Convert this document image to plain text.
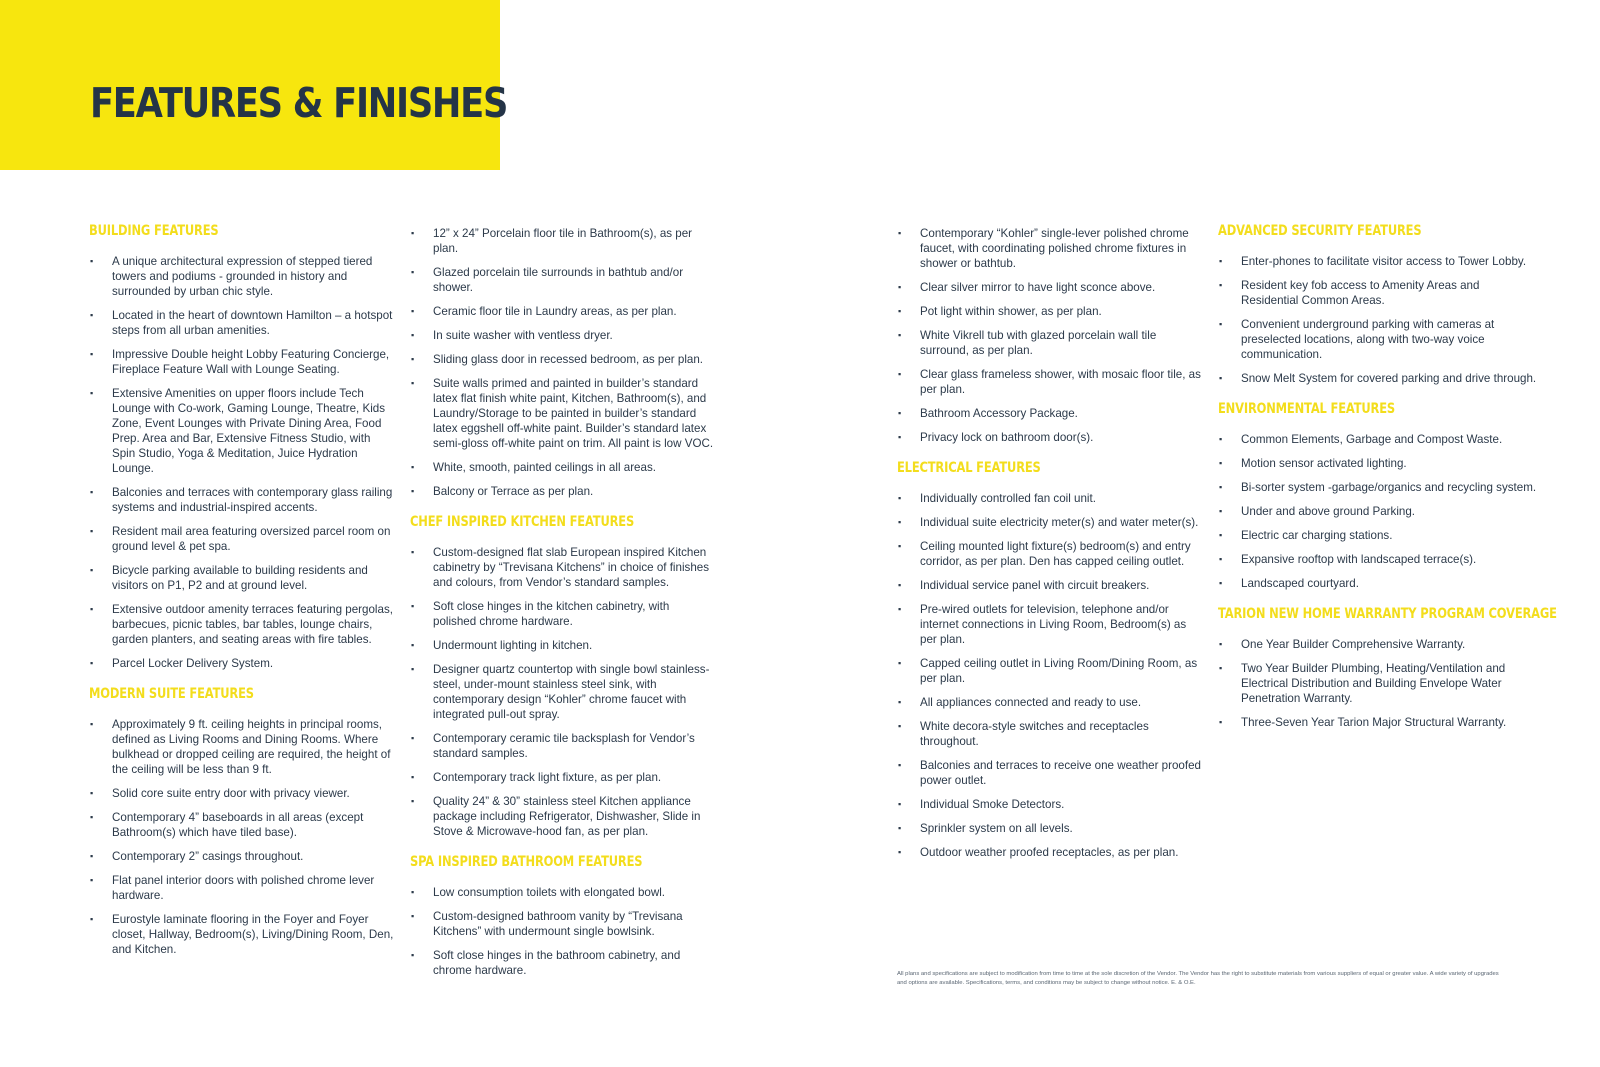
FEATURES & FINISHES
BUILDING FEATURES
▪ A unique architectural expression of stepped tiered towers and podiums - grounded in history and surrounded by urban chic style.
▪ Located in the heart of downtown Hamilton – a hotspot steps from all urban amenities.
▪ Impressive Double height Lobby Featuring Concierge, Fireplace Feature Wall with Lounge Seating.
▪ Extensive Amenities on upper floors include Tech Lounge with Co-work, Gaming Lounge, Theatre, Kids Zone, Event Lounges with Private Dining Area, Food Prep. Area and Bar, Extensive Fitness Studio, with Spin Studio, Yoga & Meditation, Juice Hydration Lounge.
▪ Balconies and terraces with contemporary glass railing systems and industrial-inspired accents.
▪ Resident mail area featuring oversized parcel room on ground level & pet spa.
▪ Bicycle parking available to building residents and visitors on P1, P2 and at ground level.
▪ Extensive outdoor amenity terraces featuring pergolas, barbecues, picnic tables, bar tables, lounge chairs, garden planters, and seating areas with fire tables.
▪ Parcel Locker Delivery System.
MODERN SUITE FEATURES
▪ Approximately 9 ft. ceiling heights in principal rooms, defined as Living Rooms and Dining Rooms. Where bulkhead or dropped ceiling are required, the height of the ceiling will be less than 9 ft.
▪ Solid core suite entry door with privacy viewer.
▪ Contemporary 4” baseboards in all areas (except Bathroom(s) which have tiled base).
▪ Contemporary 2” casings throughout.
▪ Flat panel interior doors with polished chrome lever hardware.
▪ Eurostyle laminate flooring in the Foyer and Foyer closet, Hallway, Bedroom(s), Living/Dining Room, Den, and Kitchen.
▪ 12” x 24” Porcelain floor tile in Bathroom(s), as per plan.
▪ Glazed porcelain tile surrounds in bathtub and/or shower.
▪ Ceramic floor tile in Laundry areas, as per plan.
▪ In suite washer with ventless dryer.
▪ Sliding glass door in recessed bedroom, as per plan.
▪ Suite walls primed and painted in builder’s standard latex flat finish white paint, Kitchen, Bathroom(s), and Laundry/Storage to be painted in builder’s standard latex eggshell off-white paint. Builder’s standard latex semi-gloss off-white paint on trim. All paint is low VOC.
▪ White, smooth, painted ceilings in all areas.
▪ Balcony or Terrace as per plan.
CHEF INSPIRED KITCHEN FEATURES
▪ Custom-designed flat slab European inspired Kitchen cabinetry by “Trevisana Kitchens” in choice of finishes and colours, from Vendor’s standard samples.
▪ Soft close hinges in the kitchen cabinetry, with polished chrome hardware.
▪ Undermount lighting in kitchen.
▪ Designer quartz countertop with single bowl stainless-steel, under-mount stainless steel sink, with contemporary design “Kohler” chrome faucet with integrated pull-out spray.
▪ Contemporary ceramic tile backsplash for Vendor’s standard samples.
▪ Contemporary track light fixture, as per plan.
▪ Quality 24” & 30” stainless steel Kitchen appliance package including Refrigerator, Dishwasher, Slide in Stove & Microwave-hood fan, as per plan.
SPA INSPIRED BATHROOM FEATURES
▪ Low consumption toilets with elongated bowl.
▪ Custom-designed bathroom vanity by “Trevisana Kitchens” with undermount single bowlsink.
▪ Soft close hinges in the bathroom cabinetry, and chrome hardware.
▪ Contemporary “Kohler” single-lever polished chrome faucet, with coordinating polished chrome fixtures in shower or bathtub.
▪ Clear silver mirror to have light sconce above.
▪ Pot light within shower, as per plan.
▪ White Vikrell tub with glazed porcelain wall tile surround, as per plan.
▪ Clear glass frameless shower, with mosaic floor tile, as per plan.
▪ Bathroom Accessory Package.
▪ Privacy lock on bathroom door(s).
ELECTRICAL FEATURES
▪ Individually controlled fan coil unit.
▪ Individual suite electricity meter(s) and water meter(s).
▪ Ceiling mounted light fixture(s) bedroom(s) and entry corridor, as per plan. Den has capped ceiling outlet.
▪ Individual service panel with circuit breakers.
▪ Pre-wired outlets for television, telephone and/or internet connections in Living Room, Bedroom(s) as per plan.
▪ Capped ceiling outlet in Living Room/Dining Room, as per plan.
▪ All appliances connected and ready to use.
▪ White decora-style switches and receptacles throughout.
▪ Balconies and terraces to receive one weather proofed power outlet.
▪ Individual Smoke Detectors.
▪ Sprinkler system on all levels.
▪ Outdoor weather proofed receptacles, as per plan.
ADVANCED SECURITY FEATURES
▪ Enter-phones to facilitate visitor access to Tower Lobby.
▪ Resident key fob access to Amenity Areas and Residential Common Areas.
▪ Convenient underground parking with cameras at preselected locations, along with two-way voice communication.
▪ Snow Melt System for covered parking and drive through.
ENVIRONMENTAL FEATURES
▪ Common Elements, Garbage and Compost Waste.
▪ Motion sensor activated lighting.
▪ Bi-sorter system -garbage/organics and recycling system.
▪ Under and above ground Parking.
▪ Electric car charging stations.
▪ Expansive rooftop with landscaped terrace(s).
▪ Landscaped courtyard.
TARION NEW HOME WARRANTY PROGRAM COVERAGE
▪ One Year Builder Comprehensive Warranty.
▪ Two Year Builder Plumbing, Heating/Ventilation and Electrical Distribution and Building Envelope Water Penetration Warranty.
▪ Three-Seven Year Tarion Major Structural Warranty.

All plans and specifications are subject to modification from time to time at the sole discretion of the Vendor. The Vendor has the right to substitute materials from various suppliers of equal or greater value. A wide variety of upgrades and options are available. Specifications, terms, and conditions may be subject to change without notice. E. & O.E.
